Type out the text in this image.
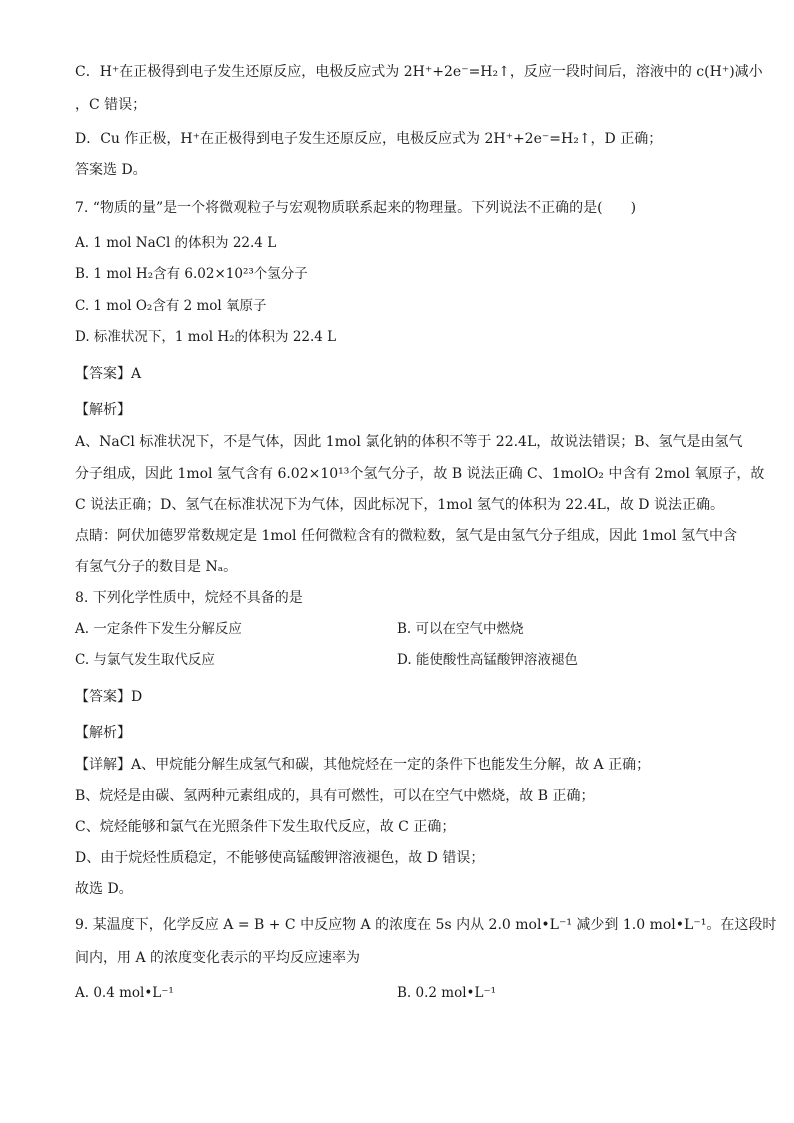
C．H⁺在正极得到电子发生还原反应，电极反应式为 2H⁺+2e⁻=H₂↑，反应一段时间后，溶液中的 c(H⁺)减小
，C 错误；
D．Cu 作正极，H⁺在正极得到电子发生还原反应，电极反应式为 2H⁺+2e⁻=H₂↑，D 正确；
答案选 D。
7. “物质的量”是一个将微观粒子与宏观物质联系起来的物理量。下列说法不正确的是(　　)
A. 1 mol NaCl 的体积为 22.4 L
B. 1 mol H₂含有 6.02×10²³个氢分子
C. 1 mol O₂含有 2 mol 氧原子
D. 标准状况下，1 mol H₂的体积为 22.4 L
【答案】A
【解析】
A、NaCl 标准状况下，不是气体，因此 1mol 氯化钠的体积不等于 22.4L，故说法错误；B、氢气是由氢气
分子组成，因此 1mol 氢气含有 6.02×10¹³个氢气分子，故 B 说法正确 C、1molO₂ 中含有 2mol 氧原子，故
C 说法正确；D、氢气在标准状况下为气体，因此标况下，1mol 氢气的体积为 22.4L，故 D 说法正确。
点睛：阿伏加德罗常数规定是 1mol 任何微粒含有的微粒数，氢气是由氢气分子组成，因此 1mol 氢气中含
有氢气分子的数目是 Nₐ。
8. 下列化学性质中，烷烃不具备的是
A. 一定条件下发生分解反应	B. 可以在空气中燃烧
C. 与氯气发生取代反应	D. 能使酸性高锰酸钾溶液褪色
【答案】D
【解析】
【详解】A、甲烷能分解生成氢气和碳，其他烷烃在一定的条件下也能发生分解，故 A 正确；
B、烷烃是由碳、氢两种元素组成的，具有可燃性，可以在空气中燃烧，故 B 正确；
C、烷烃能够和氯气在光照条件下发生取代反应，故 C 正确；
D、由于烷烃性质稳定，不能够使高锰酸钾溶液褪色，故 D 错误；
故选 D。
9. 某温度下，化学反应 A = B + C 中反应物 A 的浓度在 5s 内从 2.0 mol•L⁻¹ 减少到 1.0 mol•L⁻¹。在这段时
间内，用 A 的浓度变化表示的平均反应速率为
A. 0.4 mol•L⁻¹	B. 0.2 mol•L⁻¹
